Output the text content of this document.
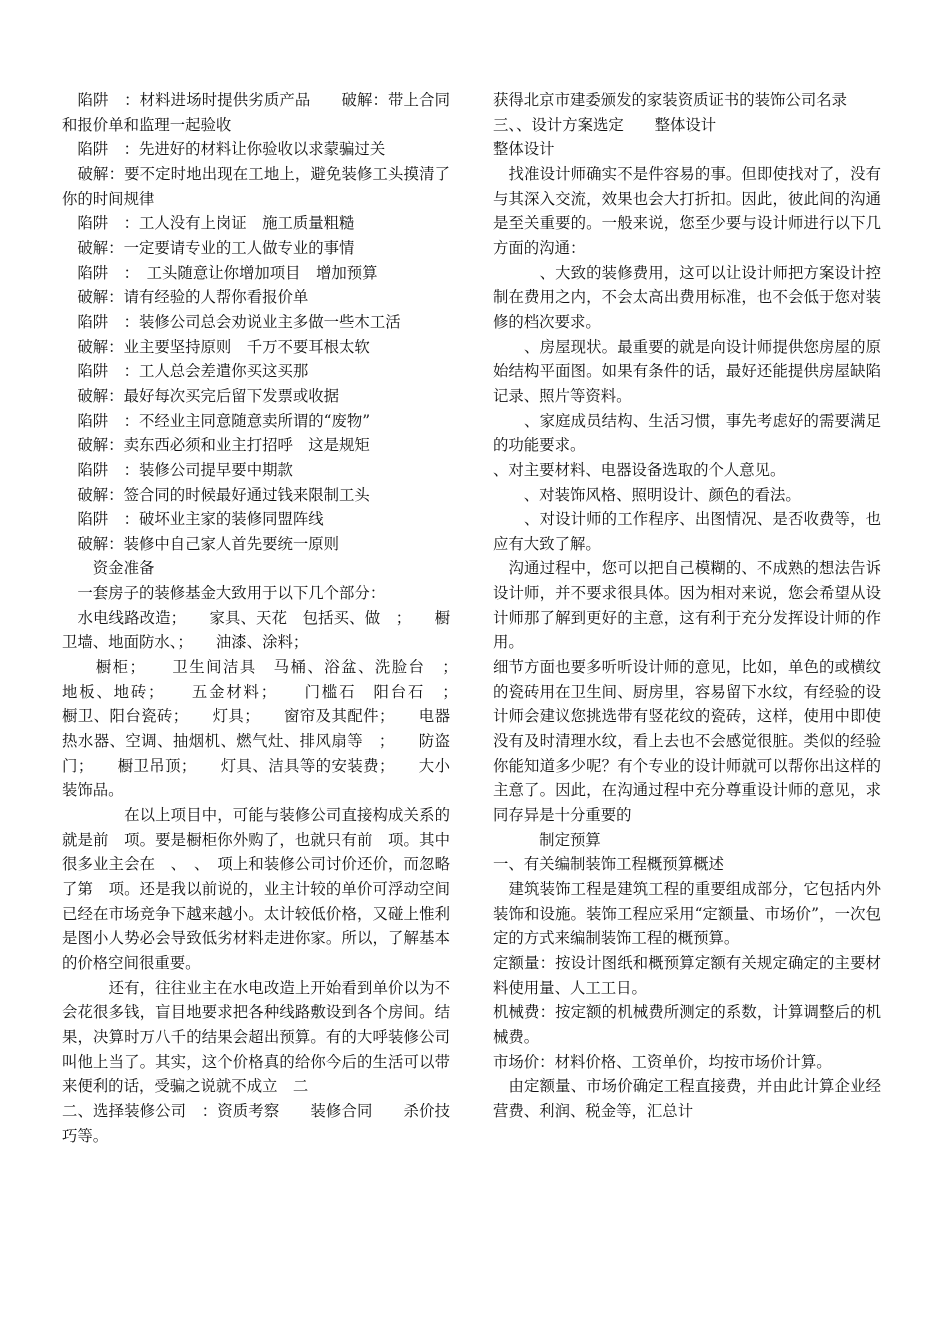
　陷阱　：材料进场时提供劣质产品　　破解：带上合同和报价单和监理一起验收

　陷阱　：先进好的材料让你验收以求蒙骗过关

　破解：要不定时地出现在工地上，避免装修工头摸清了你的时间规律

　陷阱　：工人没有上岗证　施工质量粗糙

　破解：一定要请专业的工人做专业的事情

　陷阱　：　工头随意让你增加项目　增加预算

　破解：请有经验的人帮你看报价单

　陷阱　：装修公司总会劝说业主多做一些木工活

　破解：业主要坚持原则　千万不要耳根太软

　陷阱　：工人总会差遣你买这买那

　破解：最好每次买完后留下发票或收据

　陷阱　：不经业主同意随意卖所谓的“废物”

　破解：卖东西必须和业主打招呼　这是规矩

　陷阱　：装修公司提早要中期款

　破解：签合同的时候最好通过钱来限制工头

　陷阱　：破坏业主家的装修同盟阵线

　破解：装修中自己家人首先要统一原则

　　资金准备

　一套房子的装修基金大致用于以下几个部分：

　水电线路改造；　　家具、天花　包括买、做　；　　橱卫墙、地面防水、；　　油漆、涂料；

　　橱柜；　　卫生间洁具　马桶、浴盆、洗脸台　；　　地板、地砖；　　五金材料；　　门槛石　阳台石　；　　橱卫、阳台瓷砖；　　灯具；　　窗帘及其配件；　　电器　热水器、空调、抽烟机、燃气灶、排风扇等　；　　防盗门；　　橱卫吊顶；　　灯具、洁具等的安装费；　　大小装饰品。

　　　　在以上项目中，可能与装修公司直接构成关系的就是前　项。要是橱柜你外购了，也就只有前　项。其中很多业主会在　、　、　项上和装修公司讨价还价，而忽略了第　项。还是我以前说的，业主计较的单价可浮动空间已经在市场竞争下越来越小。太计较低价格，又碰上惟利是图小人势必会导致低劣材料走进你家。所以，了解基本的价格空间很重要。

　　　还有，往往业主在水电改造上开始看到单价以为不会花很多钱，盲目地要求把各种线路敷设到各个房间。结果，决算时万八千的结果会超出预算。有的大呼装修公司叫他上当了。其实，这个价格真的给你今后的生活可以带来便利的话，受骗之说就不成立　二

二、选择装修公司　：资质考察　　装修合同　　杀价技巧等。

获得北京市建委颁发的家装资质证书的装饰公司名录

三、、设计方案选定　　整体设计

整体设计

　找准设计师确实不是件容易的事。但即使找对了，没有与其深入交流，效果也会大打折扣。因此，彼此间的沟通是至关重要的。一般来说，您至少要与设计师进行以下几方面的沟通：

　　　、大致的装修费用，这可以让设计师把方案设计控制在费用之内，不会太高出费用标准，也不会低于您对装修的档次要求。

　　、房屋现状。最重要的就是向设计师提供您房屋的原始结构平面图。如果有条件的话，最好还能提供房屋缺陷记录、照片等资料。

　　、家庭成员结构、生活习惯，事先考虑好的需要满足的功能要求。

、对主要材料、电器设备选取的个人意见。

　　、对装饰风格、照明设计、颜色的看法。

　　、对设计师的工作程序、出图情况、是否收费等，也应有大致了解。

　沟通过程中，您可以把自己模糊的、不成熟的想法告诉设计师，并不要求很具体。因为相对来说，您会希望从设计师那了解到更好的主意，这有利于充分发挥设计师的作用。

细节方面也要多听听设计师的意见，比如，单色的或横纹的瓷砖用在卫生间、厨房里，容易留下水纹，有经验的设计师会建议您挑选带有竖花纹的瓷砖，这样，使用中即使没有及时清理水纹，看上去也不会感觉很脏。类似的经验你能知道多少呢？有个专业的设计师就可以帮你出这样的主意了。因此，在沟通过程中充分尊重设计师的意见，求同存异是十分重要的

　　　制定预算

一、有关编制装饰工程概预算概述

　建筑装饰工程是建筑工程的重要组成部分，它包括内外装饰和设施。装饰工程应采用“定额量、市场价”，一次包定的方式来编制装饰工程的概预算。

定额量：按设计图纸和概预算定额有关规定确定的主要材料使用量、人工工日。

机械费：按定额的机械费所测定的系数，计算调整后的机械费。

市场价：材料价格、工资单价，均按市场价计算。

　由定额量、市场价确定工程直接费，并由此计算企业经营费、利润、税金等，汇总计
